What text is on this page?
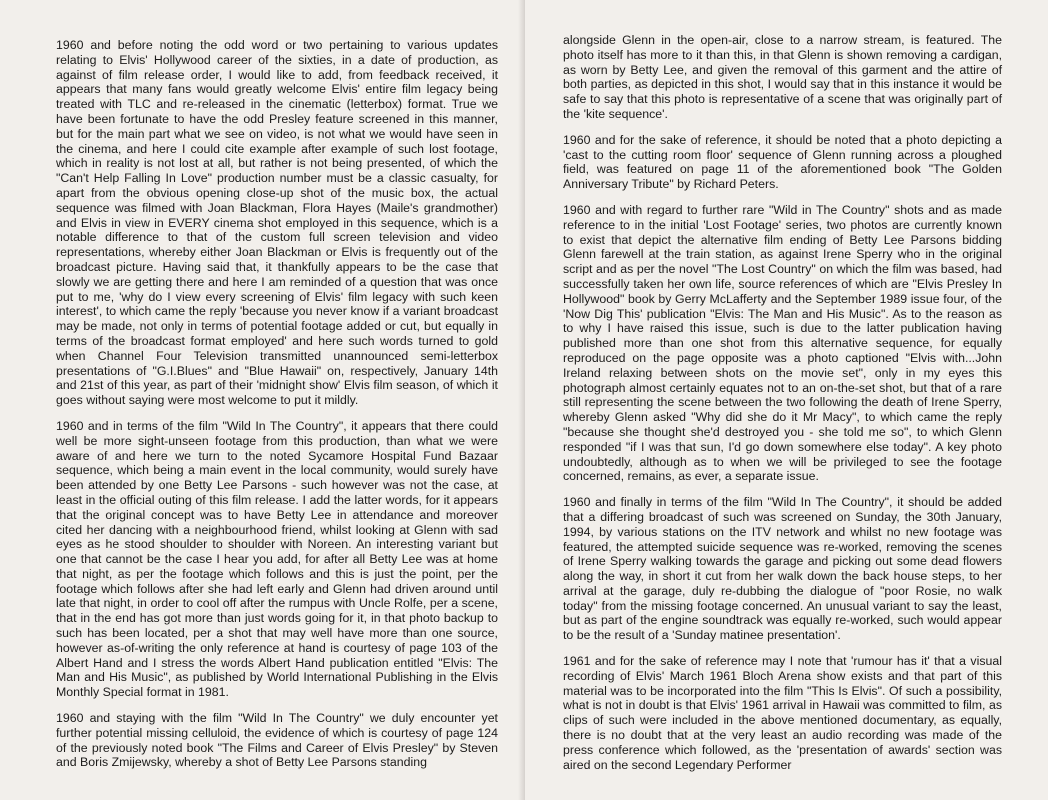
1960 and before noting the odd word or two pertaining to various updates relating to Elvis' Hollywood career of the sixties, in a date of production, as against of film release order, I would like to add, from feedback received, it appears that many fans would greatly welcome Elvis' entire film legacy being treated with TLC and re-released in the cinematic (letterbox) format. True we have been fortunate to have the odd Presley feature screened in this manner, but for the main part what we see on video, is not what we would have seen in the cinema, and here I could cite example after example of such lost footage, which in reality is not lost at all, but rather is not being presented, of which the "Can't Help Falling In Love" production number must be a classic casualty, for apart from the obvious opening close-up shot of the music box, the actual sequence was filmed with Joan Blackman, Flora Hayes (Maile's grandmother) and Elvis in view in EVERY cinema shot employed in this sequence, which is a notable difference to that of the custom full screen television and video representations, whereby either Joan Blackman or Elvis is frequently out of the broadcast picture. Having said that, it thankfully appears to be the case that slowly we are getting there and here I am reminded of a question that was once put to me, 'why do I view every screening of Elvis' film legacy with such keen interest', to which came the reply 'because you never know if a variant broadcast may be made, not only in terms of potential footage added or cut, but equally in terms of the broadcast format employed' and here such words turned to gold when Channel Four Television transmitted unannounced semi-letterbox presentations of "G.I.Blues" and "Blue Hawaii" on, respectively, January 14th and 21st of this year, as part of their 'midnight show' Elvis film season, of which it goes without saying were most welcome to put it mildly.

1960 and in terms of the film "Wild In The Country", it appears that there could well be more sight-unseen footage from this production, than what we were aware of and here we turn to the noted Sycamore Hospital Fund Bazaar sequence, which being a main event in the local community, would surely have been attended by one Betty Lee Parsons - such however was not the case, at least in the official outing of this film release. I add the latter words, for it appears that the original concept was to have Betty Lee in attendance and moreover cited her dancing with a neighbourhood friend, whilst looking at Glenn with sad eyes as he stood shoulder to shoulder with Noreen. An interesting variant but one that cannot be the case I hear you add, for after all Betty Lee was at home that night, as per the footage which follows and this is just the point, per the footage which follows after she had left early and Glenn had driven around until late that night, in order to cool off after the rumpus with Uncle Rolfe, per a scene, that in the end has got more than just words going for it, in that photo backup to such has been located, per a shot that may well have more than one source, however as-of-writing the only reference at hand is courtesy of page 103 of the Albert Hand and I stress the words Albert Hand publication entitled "Elvis: The Man and His Music", as published by World International Publishing in the Elvis Monthly Special format in 1981.

1960 and staying with the film "Wild In The Country" we duly encounter yet further potential missing celluloid, the evidence of which is courtesy of page 124 of the previously noted book "The Films and Career of Elvis Presley" by Steven and Boris Zmijewsky, whereby a shot of Betty Lee Parsons standing

alongside Glenn in the open-air, close to a narrow stream, is featured. The photo itself has more to it than this, in that Glenn is shown removing a cardigan, as worn by Betty Lee, and given the removal of this garment and the attire of both parties, as depicted in this shot, I would say that in this instance it would be safe to say that this photo is representative of a scene that was originally part of the 'kite sequence'.

1960 and for the sake of reference, it should be noted that a photo depicting a 'cast to the cutting room floor' sequence of Glenn running across a ploughed field, was featured on page 11 of the aforementioned book "The Golden Anniversary Tribute" by Richard Peters.

1960 and with regard to further rare "Wild in The Country" shots and as made reference to in the initial 'Lost Footage' series, two photos are currently known to exist that depict the alternative film ending of Betty Lee Parsons bidding Glenn farewell at the train station, as against Irene Sperry who in the original script and as per the novel "The Lost Country" on which the film was based, had successfully taken her own life, source references of which are "Elvis Presley In Hollywood" book by Gerry McLafferty and the September 1989 issue four, of the 'Now Dig This' publication "Elvis: The Man and His Music". As to the reason as to why I have raised this issue, such is due to the latter publication having published more than one shot from this alternative sequence, for equally reproduced on the page opposite was a photo captioned "Elvis with...John Ireland relaxing between shots on the movie set", only in my eyes this photograph almost certainly equates not to an on-the-set shot, but that of a rare still representing the scene between the two following the death of Irene Sperry, whereby Glenn asked "Why did she do it Mr Macy", to which came the reply "because she thought she'd destroyed you - she told me so", to which Glenn responded "if I was that sun, I'd go down somewhere else today". A key photo undoubtedly, although as to when we will be privileged to see the footage concerned, remains, as ever, a separate issue.

1960 and finally in terms of the film "Wild In The Country", it should be added that a differing broadcast of such was screened on Sunday, the 30th January, 1994, by various stations on the ITV network and whilst no new footage was featured, the attempted suicide sequence was re-worked, removing the scenes of Irene Sperry walking towards the garage and picking out some dead flowers along the way, in short it cut from her walk down the back house steps, to her arrival at the garage, duly re-dubbing the dialogue of "poor Rosie, no walk today" from the missing footage concerned. An unusual variant to say the least, but as part of the engine soundtrack was equally re-worked, such would appear to be the result of a 'Sunday matinee presentation'.

1961 and for the sake of reference may I note that 'rumour has it' that a visual recording of Elvis' March 1961 Bloch Arena show exists and that part of this material was to be incorporated into the film "This Is Elvis". Of such a possibility, what is not in doubt is that Elvis' 1961 arrival in Hawaii was committed to film, as clips of such were included in the above mentioned documentary, as equally, there is no doubt that at the very least an audio recording was made of the press conference which followed, as the 'presentation of awards' section was aired on the second Legendary Performer
